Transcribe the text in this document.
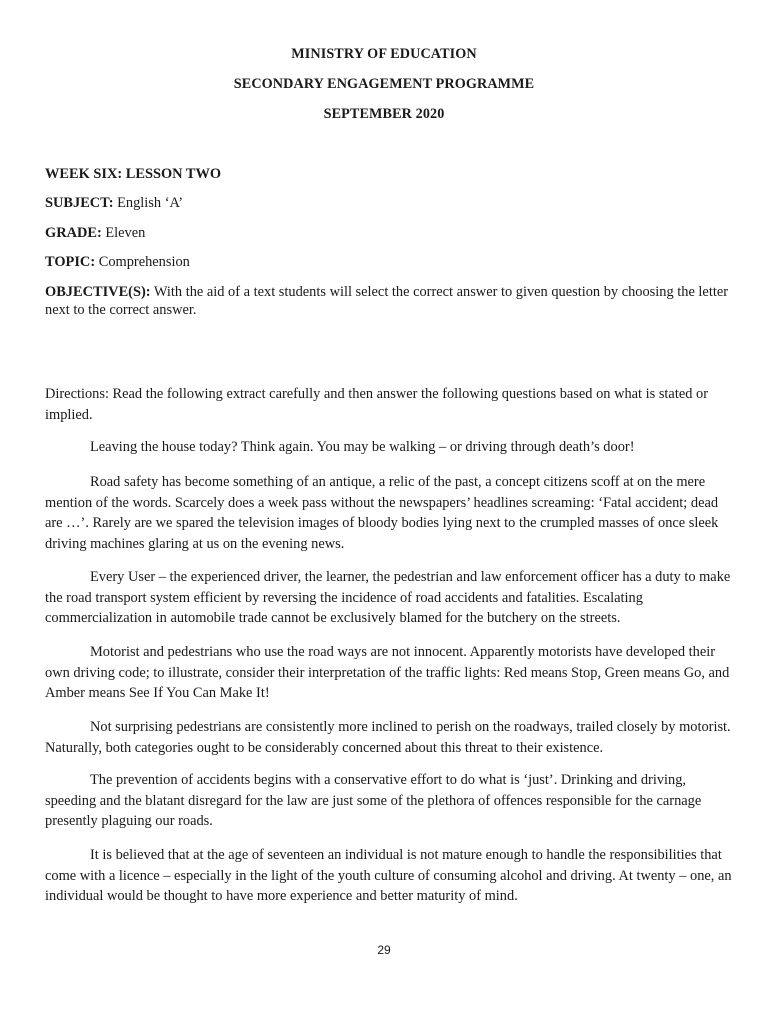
MINISTRY OF EDUCATION
SECONDARY ENGAGEMENT PROGRAMME
SEPTEMBER 2020
WEEK SIX: LESSON TWO
SUBJECT: English ‘A’
GRADE: Eleven
TOPIC: Comprehension
OBJECTIVE(S): With the aid of a text students will select the correct answer to given question by choosing the letter next to the correct answer.

Directions: Read the following extract carefully and then answer the following questions based on what is stated or implied.

Leaving the house today? Think again. You may be walking – or driving through death’s door!

Road safety has become something of an antique, a relic of the past, a concept citizens scoff at on the mere mention of the words. Scarcely does a week pass without the newspapers’ headlines screaming: ‘Fatal accident; dead are …’. Rarely are we spared the television images of bloody bodies lying next to the crumpled masses of once sleek driving machines glaring at us on the evening news.

Every User – the experienced driver, the learner, the pedestrian and law enforcement officer has a duty to make the road transport system efficient by reversing the incidence of road accidents and fatalities. Escalating commercialization in automobile trade cannot be exclusively blamed for the butchery on the streets.

Motorist and pedestrians who use the road ways are not innocent. Apparently motorists have developed their own driving code; to illustrate, consider their interpretation of the traffic lights: Red means Stop, Green means Go, and Amber means See If You Can Make It!

Not surprising pedestrians are consistently more inclined to perish on the roadways, trailed closely by motorist. Naturally, both categories ought to be considerably concerned about this threat to their existence.

The prevention of accidents begins with a conservative effort to do what is ‘just’. Drinking and driving, speeding and the blatant disregard for the law are just some of the plethora of offences responsible for the carnage presently plaguing our roads.

It is believed that at the age of seventeen an individual is not mature enough to handle the responsibilities that come with a licence – especially in the light of the youth culture of consuming alcohol and driving. At twenty – one, an individual would be thought to have more experience and better maturity of mind.

29
